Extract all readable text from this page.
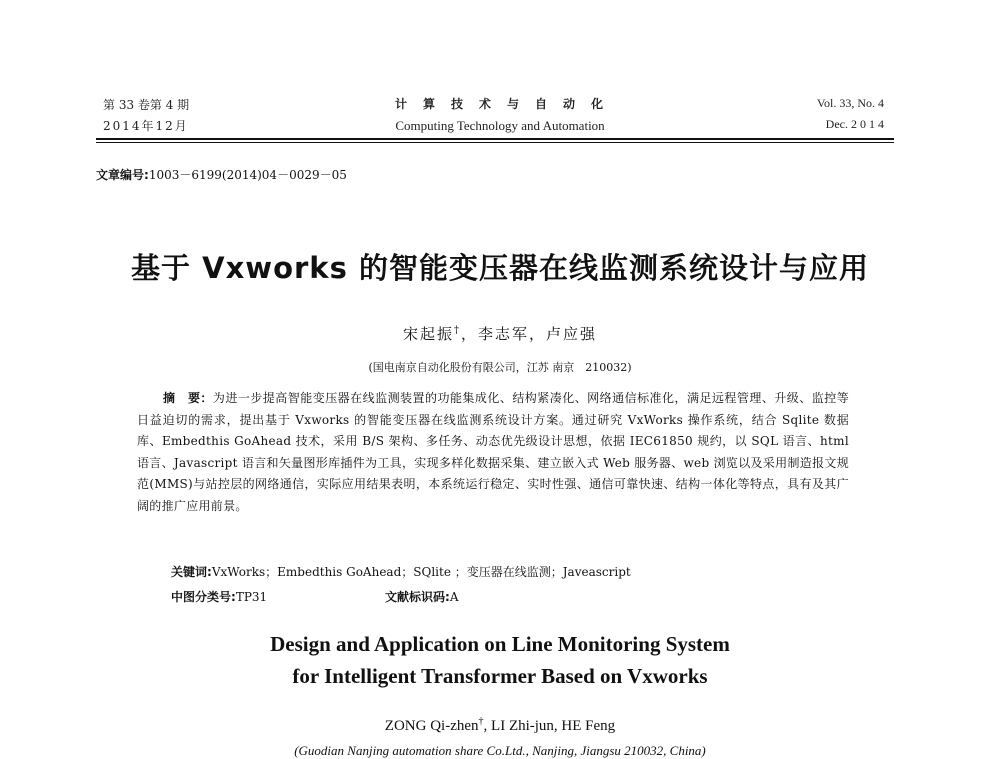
第 33 卷第 4 期
2014年12月
计　算　技　术　与　自　动　化
Computing Technology and Automation
Vol. 33, No. 4
Dec. 2 0 1 4
文章编号:1003－6199(2014)04－0029－05
基于 Vxworks 的智能变压器在线监测系统设计与应用
宋起振†，李志军，卢应强
(国电南京自动化股份有限公司，江苏 南京　210032)
摘　要：为进一步提高智能变压器在线监测装置的功能集成化、结构紧凑化、网络通信标准化，满足远程管理、升级、监控等日益迫切的需求，提出基于 Vxworks 的智能变压器在线监测系统设计方案。通过研究 VxWorks 操作系统，结合 Sqlite 数据库、Embedthis GoAhead 技术，采用 B/S 架构、多任务、动态优先级设计思想，依据 IEC61850 规约，以 SQL 语言、html 语言、Javascript 语言和矢量图形库插件为工具，实现多样化数据采集、建立嵌入式 Web 服务器、web 浏览以及采用制造报文规范(MMS)与站控层的网络通信，实际应用结果表明，本系统运行稳定、实时性强、通信可靠快速、结构一体化等特点，具有及其广阔的推广应用前景。
关键词:VxWorks；Embedthis GoAhead；SQlite ；变压器在线监测；Javeascript
中图分类号:TP31	文献标识码:A
Design and Application on Line Monitoring System
for Intelligent Transformer Based on Vxworks
ZONG Qi-zhen†, LI Zhi-jun, HE Feng
(Guodian Nanjing automation share Co.Ltd., Nanjing, Jiangsu 210032, China)
